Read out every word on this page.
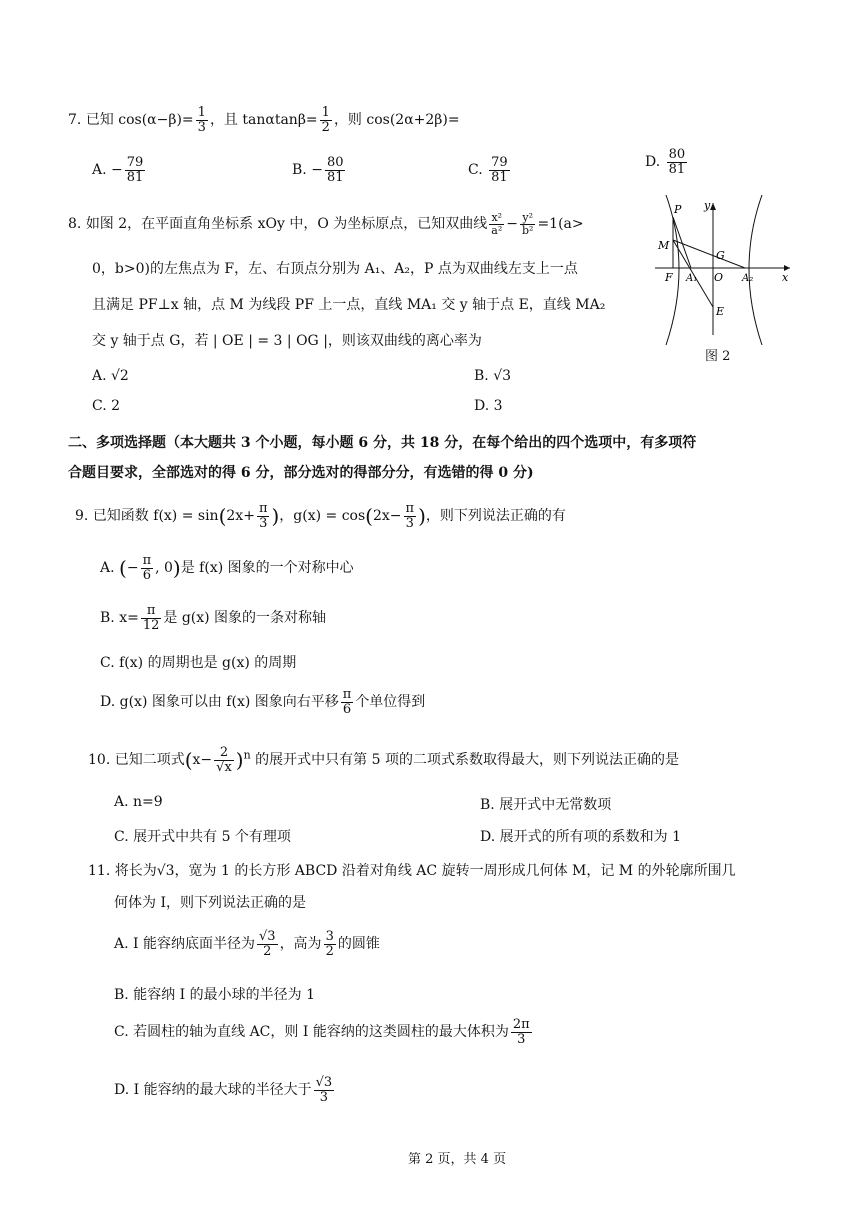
7. 已知 $\cos(\alpha-\beta)= \frac{1}{3}$ ，且 $\tan\alpha\tan\beta= \frac{1}{2}$ ，则 cos(2α+2β)=
A. − $\frac{79}{81}$	B. − $\frac{80}{81}$	C. $\frac{79}{81}$	D. $\frac{80}{81}$
8. 如图 2，在平面直角坐标系 xOy 中，O 为坐标原点，已知双曲线 $\frac{\text{x²}}{\text{a²}} - \frac{\text{y²}}{\text{b²}} =1(a>$
0，b>0)的左焦点为 F，左、右顶点分别为 A₁、A₂，P 点为双曲线左支上一点
且满足 PF⊥x 轴，点 M 为线段 PF 上一点，直线 MA₁ 交 y 轴于点 E，直线 MA₂
交 y 轴于点 G，若 | OE | = 3 | OG |，则该双曲线的离心率为
A. √2	B. √3
C. 2	D. 3
P y
M
G
F A₁ O A₂	x
E
图 2
二、多项选择题（本大题共 3 个小题，每小题 6 分，共 18 分，在每个给出的四个选项中，有多项符
合题目要求，全部选对的得 6 分，部分选对的得部分分，有选错的得 0 分)
9. 已知函数 $f(x) = \sin(2x+ \frac{\pi}{3}$ )，$g(x) = \cos(2x- \frac{\pi}{3}$ )，则下列说法正确的有
A. (− $\frac{\pi}{6}$ , 0)是 f(x) 图象的一个对称中心
B. $x= \frac{\pi}{12}$ 是 g(x) 图象的一条对称轴
C. f(x) 的周期也是 g(x) 的周期
D. g(x) 图象可以由 f(x) 图象向右平移 $\frac{\pi}{6}$ 个单位得到
10. 已知二项式$(x- \frac{2}{√x} )^n$ 的展开式中只有第 5 项的二项式系数取得最大，则下列说法正确的是
A. n=9	B. 展开式中无常数项
C. 展开式中共有 5 个有理项	D. 展开式的所有项的系数和为 1
11. 将长为√3，宽为 1 的长方形 ABCD 沿着对角线 AC 旋转一周形成几何体 M，记 M 的外轮廓所围几
何体为 I，则下列说法正确的是
A. I 能容纳底面半径为 $\frac{√3}{2}$ ，高为 $\frac{3}{2}$ 的圆锥
B. 能容纳 I 的最小球的半径为 1
C. 若圆柱的轴为直线 AC，则 I 能容纳的这类圆柱的最大体积为 $\frac{2\pi}{3}$
D. I 能容纳的最大球的半径大于 $\frac{√3}{3}$
第 2 页，共 4 页
